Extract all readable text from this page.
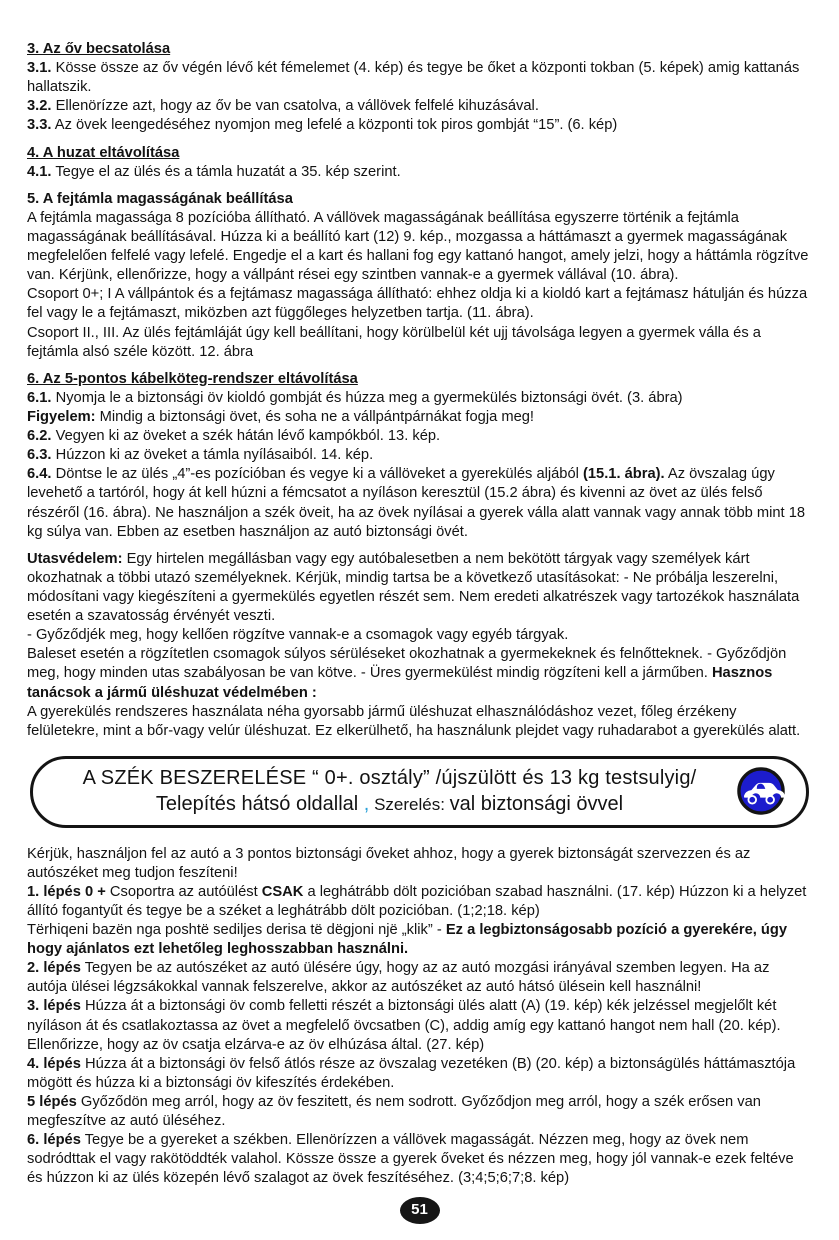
3. Az őv becsatolása

3.1. Kösse össze az őv végén lévő két fémelemet (4. kép) és tegye be őket a központi tokban (5. képek) amig kattanás hallatszik.

3.2. Ellenörízze azt, hogy az őv be van csatolva, a vállövek felfelé kihuzásával.

3.3. Az övek leengedéséhez nyomjon meg lefelé a központi tok piros gombját “15”. (6. kép)

4. A huzat eltávolítása

4.1. Tegye el az ülés és a támla huzatát a 35. kép szerint.

5. A fejtámla magasságának beállítása

A fejtámla magassága 8 pozícióba állítható. A vállövek magasságának beállítása egyszerre történik a fejtámla magasságának beállításával. Húzza ki a beállító kart (12) 9. kép., mozgassa a háttámaszt a gyermek magasságának megfelelően felfelé vagy lefelé. Engedje el a kart és hallani fog egy kattanó hangot, amely jelzi, hogy a háttámla rögzítve van. Kérjünk, ellenőrizze, hogy a vállpánt rései egy szintben vannak-e a gyermek vállával (10. ábra).

Csoport 0+; I A vállpántok és a fejtámasz magassága állítható: ehhez oldja ki a kioldó kart a fejtámasz hátulján és húzza fel vagy le a fejtámaszt, miközben azt függőleges helyzetben tartja. (11. ábra).

Csoport II., III. Az ülés fejtámláját úgy kell beállítani, hogy körülbelül két ujj távolsága legyen a gyermek válla és a fejtámla alsó széle között. 12. ábra

6. Az 5-pontos kábelköteg-rendszer eltávolítása

6.1. Nyomja le a biztonsági öv kioldó gombját és húzza meg a gyermekülés biztonsági övét. (3. ábra)

Figyelem: Mindig a biztonsági övet, és soha ne a vállpántpárnákat fogja meg!

6.2. Vegyen ki az öveket a szék hátán lévő kampókból. 13. kép.

6.3. Húzzon ki az öveket a támla nyílásaiból. 14. kép.

6.4. Döntse le az ülés „4”-es pozícióban és vegye ki a vállöveket a gyerekülés aljából (15.1. ábra). Az övszalag úgy levehető a tartóról, hogy át kell húzni a fémcsatot a nyíláson keresztül (15.2 ábra) és kivenni az övet az ülés felső részéről (16. ábra). Ne használjon a szék öveit, ha az övek nyílásai a gyerek válla alatt vannak vagy annak több mint 18 kg súlya van. Ebben az esetben használjon az autó biztonsági övét.

Utasvédelem: Egy hirtelen megállásban vagy egy autóbalesetben a nem bekötött tárgyak vagy személyek kárt okozhatnak a többi utazó személyeknek. Kérjük, mindig tartsa be a következő utasításokat: - Ne próbálja leszerelni, módosítani vagy kiegészíteni a gyermekülés egyetlen részét sem. Nem eredeti alkatrészek vagy tartozékok használata esetén a szavatosság érvényét veszti.

- Győződjék meg, hogy kellően rögzítve vannak-e a csomagok vagy egyéb tárgyak.

Baleset esetén a rögzítetlen csomagok súlyos sérüléseket okozhatnak a gyermekeknek és felnőtteknek. - Győződjön meg, hogy minden utas szabályosan be van kötve. - Üres gyermekülést mindig rögzíteni kell a járműben. Hasznos tanácsok a jármű üléshuzat védelmében :

A gyerekülés rendszeres használata néha gyorsabb jármű üléshuzat elhasználódáshoz vezet, főleg érzékeny felületekre, mint a bőr-vagy velúr üléshuzat. Ez elkerülhető, ha használunk plejdet vagy ruhadarabot a gyerekülés alatt.

A SZÉK BESZERELÉSE “ 0+. osztály” /újszülött és 13 kg testsulyig/
Telepítés hátsó oldallal , Szerelés: val biztonsági övvel

Kérjük, használjon fel az autó a 3 pontos biztonsági őveket ahhoz, hogy a gyerek biztonságát szervezzen és az autószéket meg tudjon feszíteni!

1. lépés 0 + Csoportra az autóülést CSAK a leghátrább dölt pozicióban szabad használni. (17. kép) Húzzon ki a helyzet állító fogantyűt és tegye be a széket a leghátrább dölt pozicióban. (1;2;18. kép)

Tërhiqeni bazën nga poshtë sediljes derisa të dëgjoni një „klik” - Ez a legbiztonságosabb pozíció a gyerekére, úgy hogy ajánlatos ezt lehetőleg leghosszabban használni.

2. lépés Tegyen be az autószéket az autó ülésére úgy, hogy az az autó mozgási irányával szemben legyen. Ha az autója ülései légzsákokkal vannak felszerelve, akkor az autószéket az autó hátsó ülésein kell használni!

3. lépés Húzza át a biztonsági öv comb felletti részét a biztonsági ülés alatt (A) (19. kép) kék jelzéssel megjelőlt két nyíláson át és csatlakoztassa az övet a megfelelő övcsatben (C), addig amíg egy kattanó hangot nem hall (20. kép). Ellenőrizze, hogy az öv csatja elzárva-e az öv elhúzása által. (27. kép)

4. lépés Húzza át a biztonsági öv felső átlós része az övszalag vezetéken (B) (20. kép) a biztonságülés háttámasztója mögött és húzza ki a biztonsági öv kifeszítés érdekében.

5 lépés Győződön meg arról, hogy az öv feszitett, és nem sodrott. Győződjon meg arról, hogy a szék erősen van megfeszítve az autó üléséhez.

6. lépés Tegye be a gyereket a székben. Ellenörízzen a vállövek magasságát. Nézzen meg, hogy az övek nem sodródttak el vagy rakötöddték valahol. Kössze össze a gyerek őveket és nézzen meg, hogy jól vannak-e ezek feltéve és húzzon ki az ülés közepén lévő szalagot az övek feszítéséhez. (3;4;5;6;7;8. kép)

51
